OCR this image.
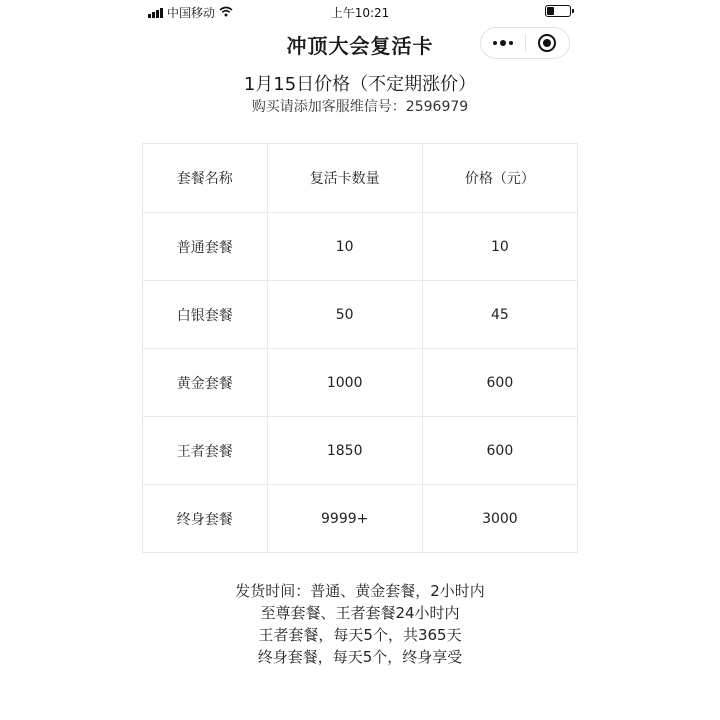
中国移动	上午10:21
冲顶大会复活卡
1月15日价格（不定期涨价）
购买请添加客服维信号：2596979
套餐名称	复活卡数量	价格（元）
普通套餐	10	10
白银套餐	50	45
黄金套餐	1000	600
王者套餐	1850	600
终身套餐	9999+	3000
发货时间：普通、黄金套餐，2小时内
至尊套餐、王者套餐24小时内
王者套餐，每天5个，共365天
终身套餐，每天5个，终身享受
